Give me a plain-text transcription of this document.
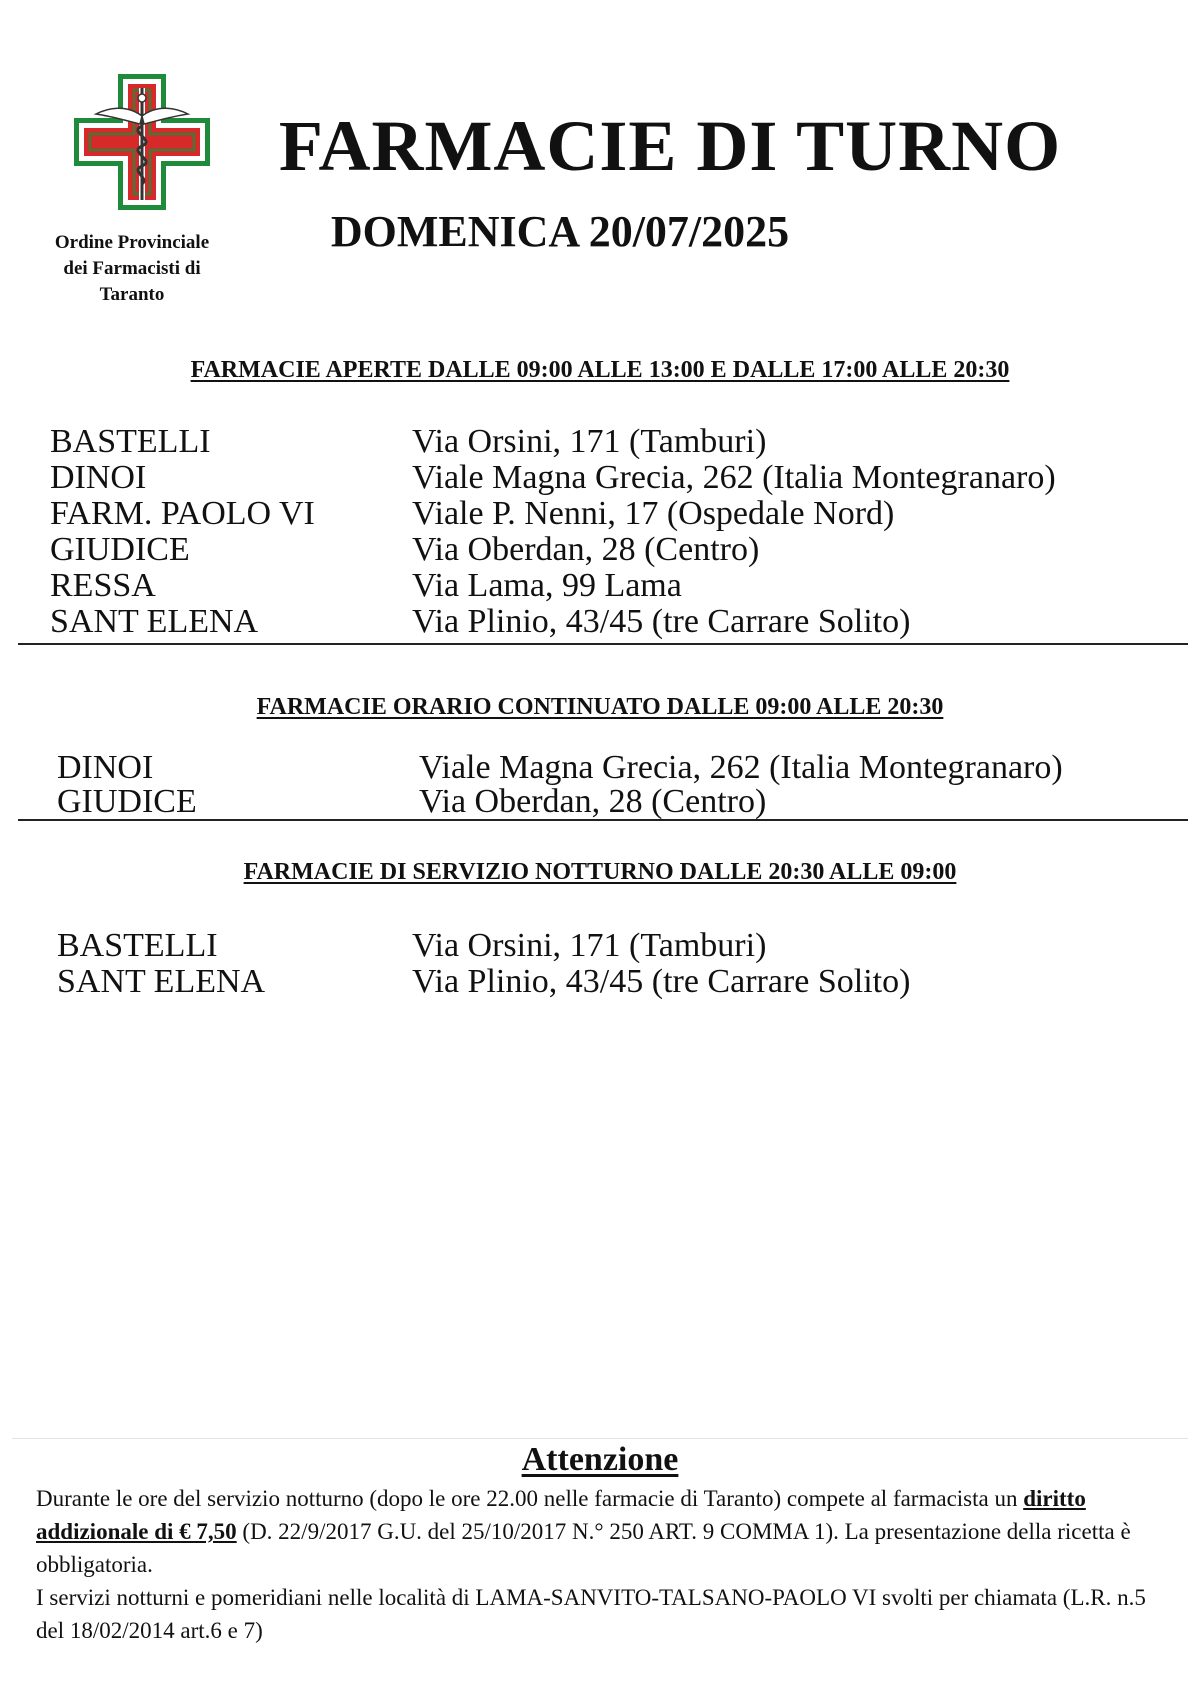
Ordine Provinciale
dei Farmacisti di
Taranto
FARMACIE DI TURNO
DOMENICA 20/07/2025
FARMACIE APERTE DALLE 09:00 ALLE 13:00 E DALLE 17:00 ALLE 20:30
BASTELLI	Via Orsini, 171 (Tamburi)
DINOI	Viale Magna Grecia, 262 (Italia Montegranaro)
FARM. PAOLO VI	Viale P. Nenni, 17 (Ospedale Nord)
GIUDICE	Via Oberdan, 28 (Centro)
RESSA	Via Lama, 99 Lama
SANT ELENA	Via Plinio, 43/45 (tre Carrare Solito)
FARMACIE ORARIO CONTINUATO DALLE 09:00 ALLE 20:30
DINOI	Viale Magna Grecia, 262 (Italia Montegranaro)
GIUDICE	Via Oberdan, 28 (Centro)
FARMACIE DI SERVIZIO NOTTURNO DALLE 20:30 ALLE 09:00
BASTELLI	Via Orsini, 171 (Tamburi)
SANT ELENA	Via Plinio, 43/45 (tre Carrare Solito)
Attenzione

Durante le ore del servizio notturno (dopo le ore 22.00 nelle farmacie di Taranto) compete al farmacista un diritto addizionale di € 7,50 (D. 22/9/2017 G.U. del 25/10/2017 N.° 250 ART. 9 COMMA 1). La presentazione della ricetta è obbligatoria.

I servizi notturni e pomeridiani nelle località di LAMA-SANVITO-TALSANO-PAOLO VI svolti per chiamata (L.R. n.5 del 18/02/2014 art.6 e 7)
